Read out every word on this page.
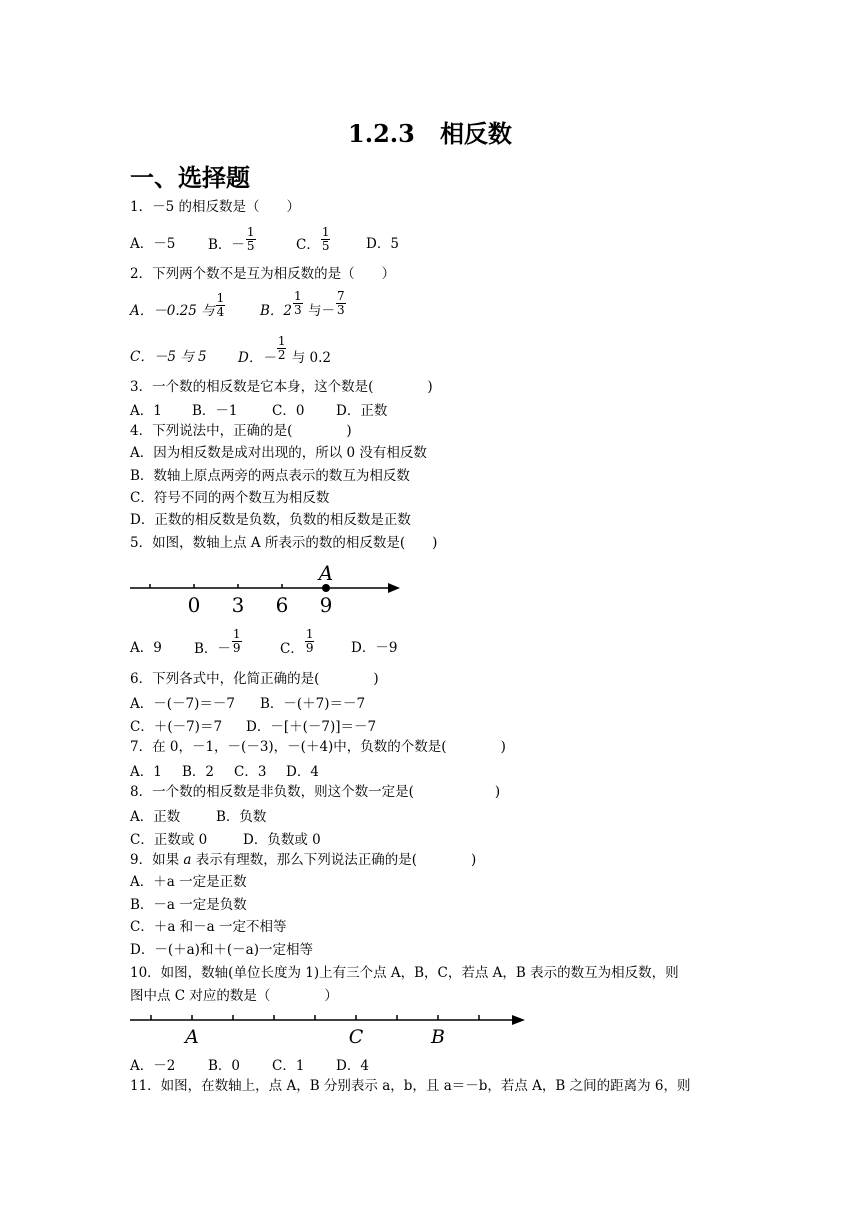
1.2.3 相反数
一、选择题
1．－5 的相反数是（　　）
A．－5 B．－ $\frac{1}{5}$	C． $\frac{1}{5}$	D．5
2．下列两个数不是互为相反数的是（　　）
A．－0.25 与 $\frac{1}{4}$	B．$2 \frac{1}{3}$ 与－ $\frac{7}{3}$
C．－5 与 5 D．－ $\frac{1}{2}$ 与 0.2
3．一个数的相反数是它本身，这个数是(　　　　)
A．1 B．－1	C．0 D．正数
4．下列说法中，正确的是(　　　　)
A．因为相反数是成对出现的，所以 0 没有相反数
B．数轴上原点两旁的两点表示的数互为相反数
C．符号不同的两个数互为相反数
D．正数的相反数是负数，负数的相反数是正数
5．如图，数轴上点 A 所表示的数的相反数是(　　)
0 3 6 9
A
A．9 B．－ $\frac{1}{9}$	C． $\frac{1}{9}$	D．－9
6．下列各式中，化简正确的是(　　　　)
A．－(－7)＝－7 B．－(＋7)＝－7
C．＋(－7)＝7 D．－[＋(－7)]＝－7
7．在 0，－1，－(－3)，－(＋4)中，负数的个数是(　　　　)
A．1 B．2 C．3 D．4
8．一个数的相反数是非负数，则这个数一定是(　　　　　　)
A．正数	B．负数
C．正数或 0	D．负数或 0
9．如果 a 表示有理数，那么下列说法正确的是(　　　　)
A．＋a 一定是正数
B．－a 一定是负数
C．＋a 和－a 一定不相等
D．－(＋a)和＋(－a)一定相等
10．如图，数轴(单位长度为 1)上有三个点 A，B，C，若点 A，B 表示的数互为相反数，则
图中点 C 对应的数是（　　　　）
A	C	B
A．－2 B．0 C．1 D．4
11．如图，在数轴上，点 A，B 分别表示 a，b，且 a＝－b，若点 A，B 之间的距离为 6，则
